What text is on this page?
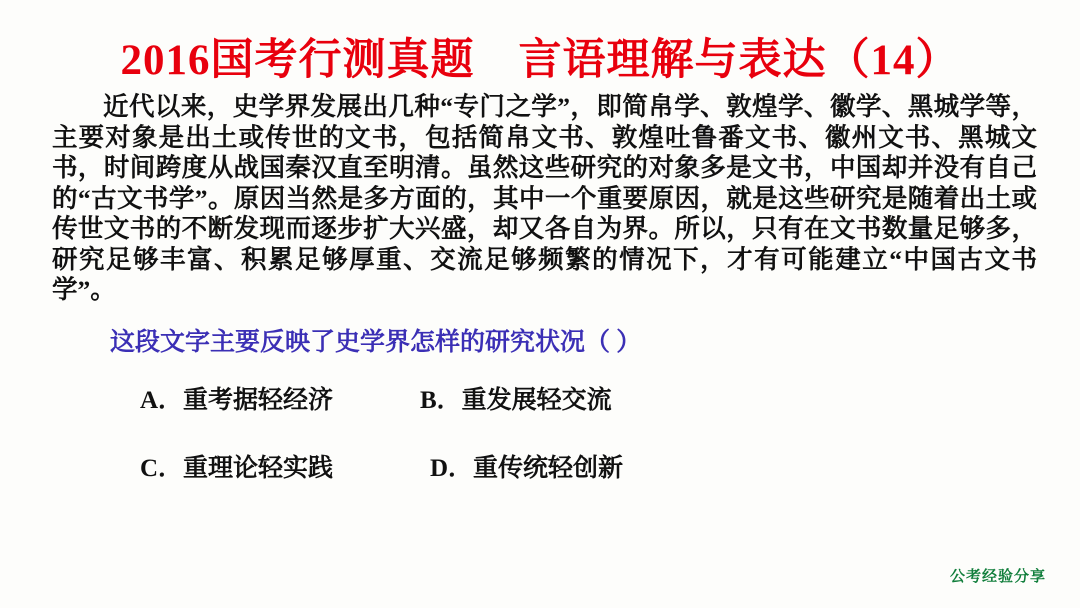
2016国考行测真题　言语理解与表达（14）
近代以来，史学界发展出几种“专门之学”，即简帛学、敦煌学、徽学、黑城学等，主要对象是出土或传世的文书，包括简帛文书、敦煌吐鲁番文书、徽州文书、黑城文书，时间跨度从战国秦汉直至明清。虽然这些研究的对象多是文书，中国却并没有自己的“古文书学”。原因当然是多方面的，其中一个重要原因，就是这些研究是随着出土或传世文书的不断发现而逐步扩大兴盛，却又各自为界。所以，只有在文书数量足够多，研究足够丰富、积累足够厚重、交流足够频繁的情况下，才有可能建立“中国古文书学”。
这段文字主要反映了史学界怎样的研究状况（ ）
A．重考据轻经济	B．重发展轻交流
C．重理论轻实践	D．重传统轻创新
公考经验分享
